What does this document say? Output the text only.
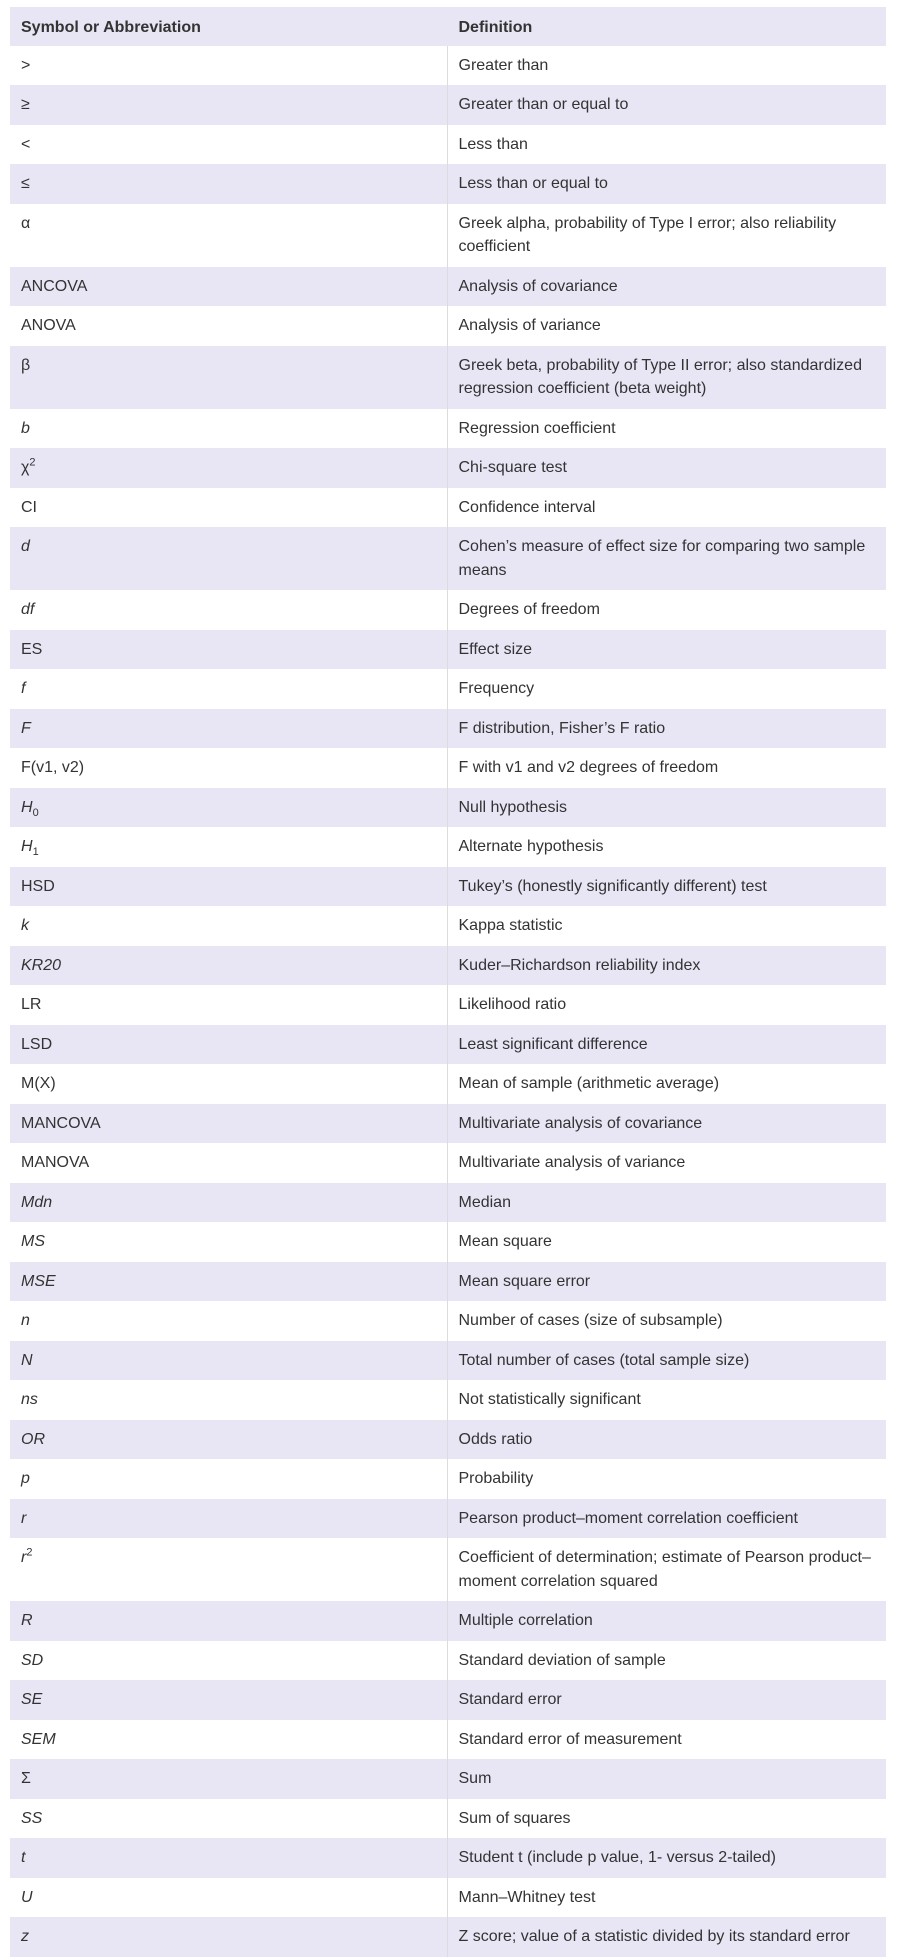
Symbol or Abbreviation	Definition
>	Greater than
≥	Greater than or equal to
<	Less than
≤	Less than or equal to
α	Greek alpha, probability of Type I error; also reliability coefficient
ANCOVA	Analysis of covariance
ANOVA	Analysis of variance
β	Greek beta, probability of Type II error; also standardized regression coefficient (beta weight)
b	Regression coefficient
$\chi^2$	Chi-square test
CI	Confidence interval
d	Cohen’s measure of effect size for comparing two sample means
df	Degrees of freedom
ES	Effect size
f	Frequency
F	F distribution, Fisher’s F ratio
F(v1, v2)	F with v1 and v2 degrees of freedom
$H_0$	Null hypothesis
$H_1$	Alternate hypothesis
HSD	Tukey’s (honestly significantly different) test
k	Kappa statistic
KR20	Kuder–Richardson reliability index
LR	Likelihood ratio
LSD	Least significant difference
M(X)	Mean of sample (arithmetic average)
MANCOVA	Multivariate analysis of covariance
MANOVA	Multivariate analysis of variance
Mdn	Median
MS	Mean square
MSE	Mean square error
n	Number of cases (size of subsample)
N	Total number of cases (total sample size)
ns	Not statistically significant
OR	Odds ratio
p	Probability
r	Pearson product–moment correlation coefficient
$r^2$	Coefficient of determination; estimate of Pearson product–moment correlation squared
R	Multiple correlation
SD	Standard deviation of sample
SE	Standard error
SEM	Standard error of measurement
Σ	Sum
SS	Sum of squares
t	Student t (include p value, 1- versus 2-tailed)
U	Mann–Whitney test
z	Z score; value of a statistic divided by its standard error
